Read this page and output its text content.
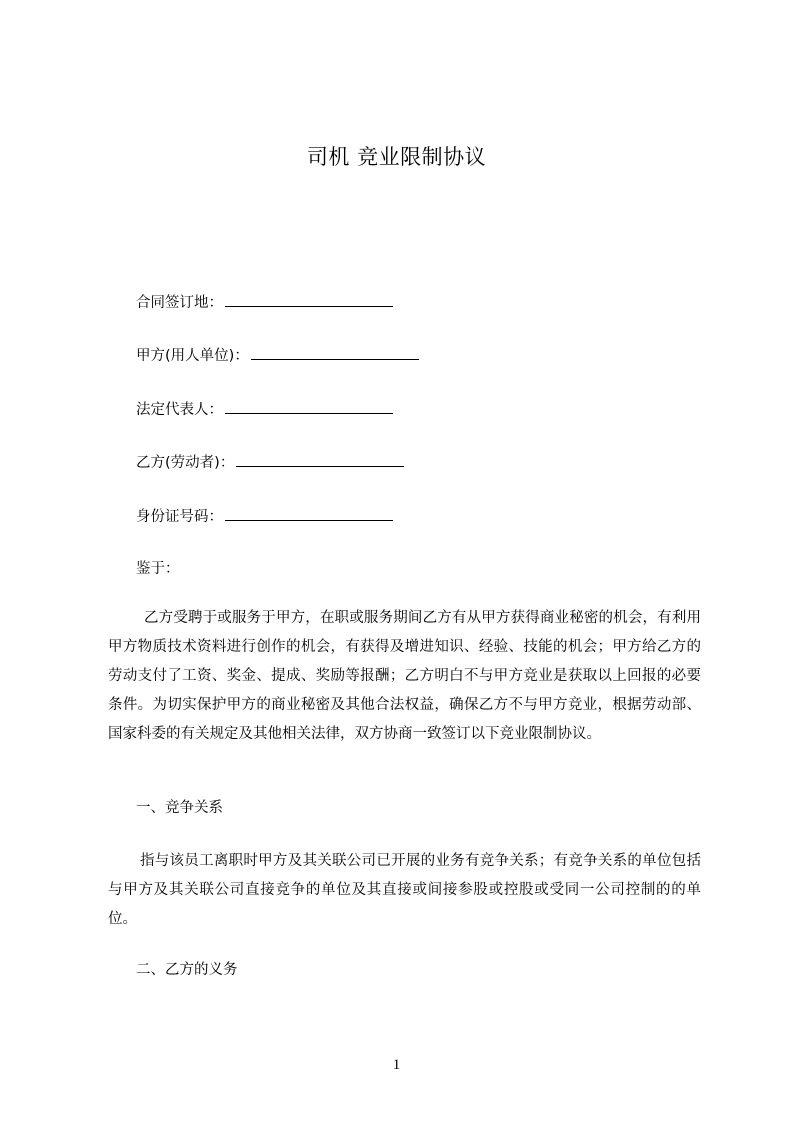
司机 竞业限制协议
合同签订地：
甲方(用人单位)：
法定代表人：
乙方(劳动者)：
身份证号码：
鉴于：
乙方受聘于或服务于甲方，在职或服务期间乙方有从甲方获得商业秘密的机会，有利用甲方物质技术资料进行创作的机会，有获得及增进知识、经验、技能的机会；甲方给乙方的劳动支付了工资、奖金、提成、奖励等报酬；乙方明白不与甲方竞业是获取以上回报的必要条件。为切实保护甲方的商业秘密及其他合法权益，确保乙方不与甲方竞业，根据劳动部、国家科委的有关规定及其他相关法律，双方协商一致签订以下竞业限制协议。
一、竞争关系
指与该员工离职时甲方及其关联公司已开展的业务有竞争关系；有竞争关系的单位包括与甲方及其关联公司直接竞争的单位及其直接或间接参股或控股或受同一公司控制的的单位。
二、乙方的义务
1
